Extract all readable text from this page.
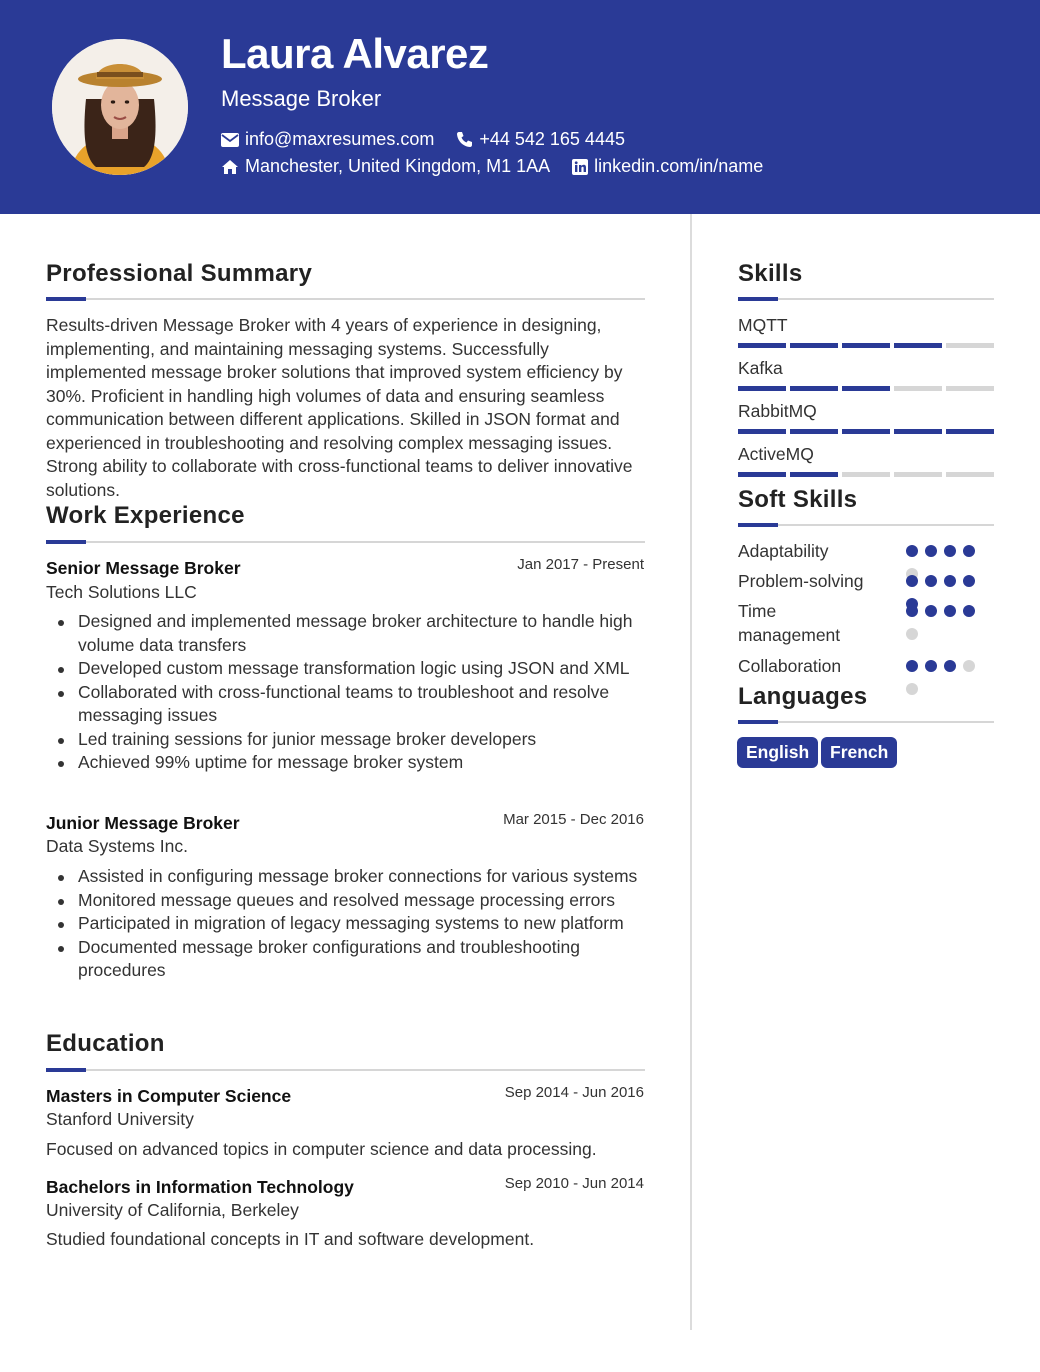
Laura Alvarez
Message Broker
info@maxresumes.com	+44 542 165 4445
Manchester, United Kingdom, M1 1AA linkedin.com/in/name
Professional Summary

Results-driven Message Broker with 4 years of experience in designing, implementing, and maintaining messaging systems. Successfully implemented message broker solutions that improved system efficiency by 30%. Proficient in handling high volumes of data and ensuring seamless communication between different applications. Skilled in JSON format and experienced in troubleshooting and resolving complex messaging issues. Strong ability to collaborate with cross-functional teams to deliver innovative solutions.

Work Experience
Senior Message Broker	Jan 2017 - Present
Tech Solutions LLC
Designed and implemented message broker architecture to handle high volume data transfers
Developed custom message transformation logic using JSON and XML
Collaborated with cross-functional teams to troubleshoot and resolve messaging issues
Led training sessions for junior message broker developers
Achieved 99% uptime for message broker system
Junior Message Broker	Mar 2015 - Dec 2016
Data Systems Inc.
Assisted in configuring message broker connections for various systems
Monitored message queues and resolved message processing errors
Participated in migration of legacy messaging systems to new platform
Documented message broker configurations and troubleshooting procedures
Education
Masters in Computer Science	Sep 2014 - Jun 2016
Stanford University
Focused on advanced topics in computer science and data processing.
Bachelors in Information Technology	Sep 2010 - Jun 2014
University of California, Berkeley
Studied foundational concepts in IT and software development.
Skills
MQTT
Kafka
RabbitMQ
ActiveMQ
Soft Skills
Adaptability
Problem-solving
Time management
Collaboration
Languages
English	French
